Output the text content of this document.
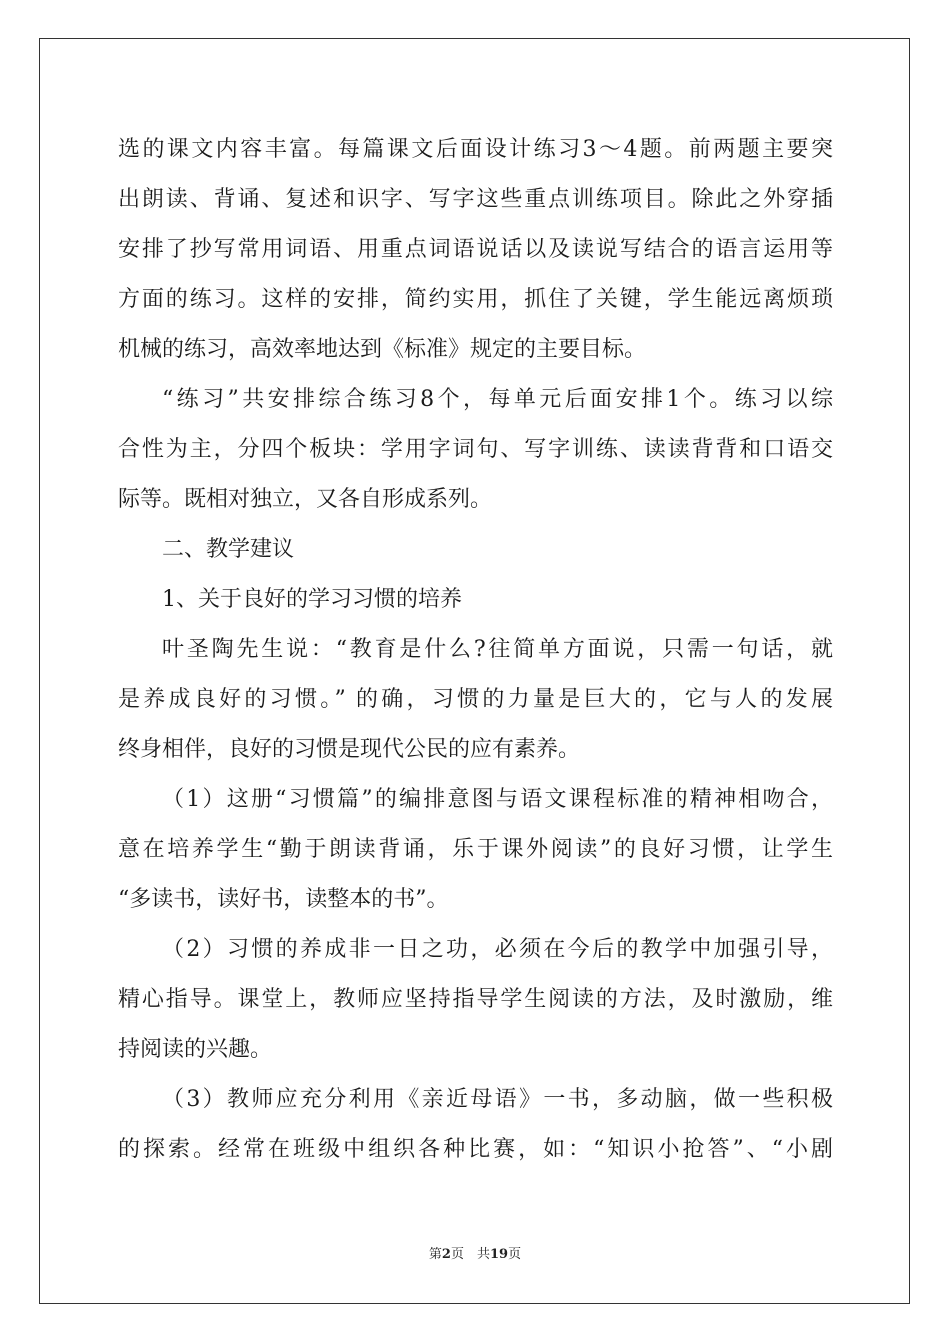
选的课文内容丰富。每篇课文后面设计练习3～4题。前两题主要突
出朗读、背诵、复述和识字、写字这些重点训练项目。除此之外穿插
安排了抄写常用词语、用重点词语说话以及读说写结合的语言运用等
方面的练习。这样的安排，简约实用，抓住了关键，学生能远离烦琐
机械的练习，高效率地达到《标准》规定的主要目标。
“练习”共安排综合练习8个，每单元后面安排1个。练习以综
合性为主，分四个板块：学用字词句、写字训练、读读背背和口语交
际等。既相对独立，又各自形成系列。
二、教学建议
1、关于良好的学习习惯的培养
叶圣陶先生说：“教育是什么?往简单方面说，只需一句话，就
是养成良好的习惯。” 的确，习惯的力量是巨大的，它与人的发展
终身相伴，良好的习惯是现代公民的应有素养。
（1）这册“习惯篇”的编排意图与语文课程标准的精神相吻合，
意在培养学生“勤于朗读背诵，乐于课外阅读”的良好习惯，让学生
“多读书，读好书，读整本的书”。
（2）习惯的养成非一日之功，必须在今后的教学中加强引导，
精心指导。课堂上，教师应坚持指导学生阅读的方法，及时激励，维
持阅读的兴趣。
（3）教师应充分利用《亲近母语》一书，多动脑，做一些积极
的探索。经常在班级中组织各种比赛，如：“知识小抢答”、“小剧
第2页　共19页
